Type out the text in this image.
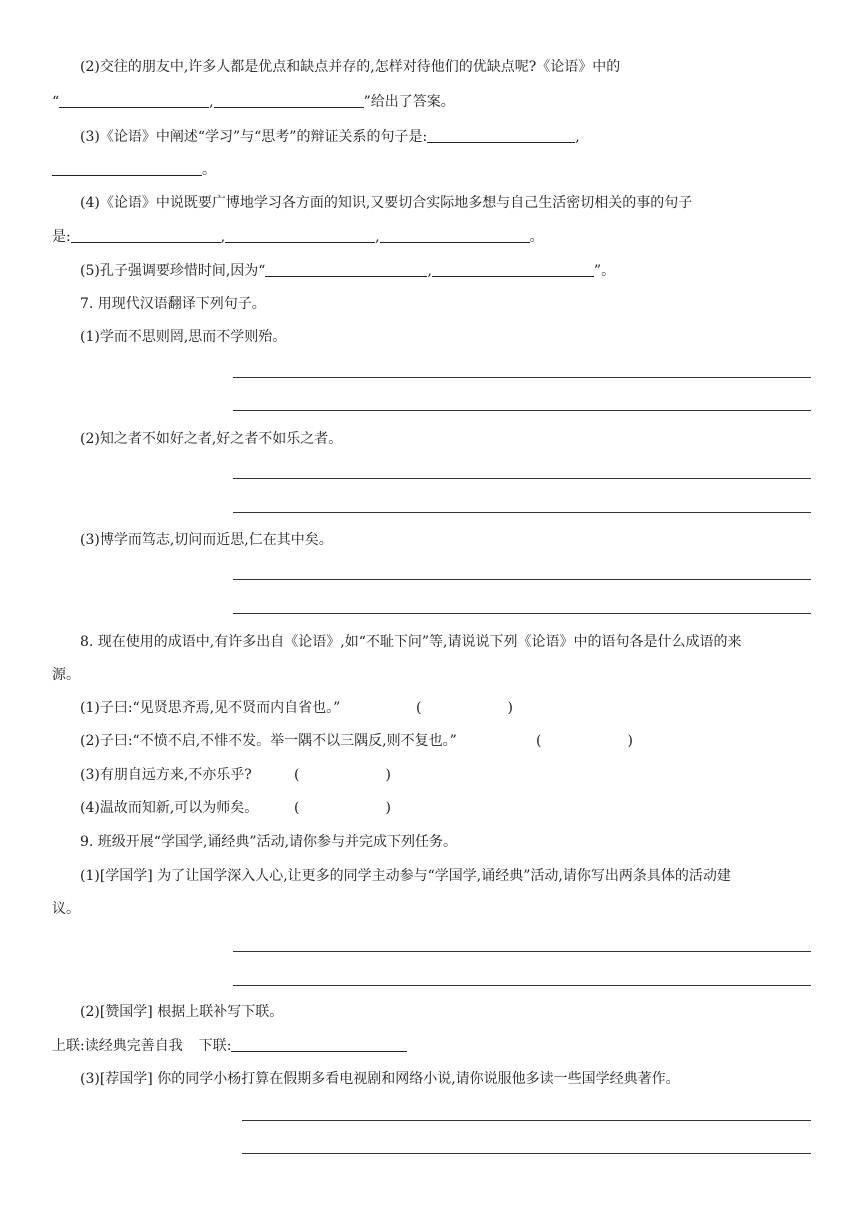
(2)交往的朋友中,许多人都是优点和缺点并存的,怎样对待他们的优缺点呢?《论语》中的
“	,	”给出了答案。
(3)《论语》中阐述“学习”与“思考”的辩证关系的句子是:	,
。
(4)《论语》中说既要广博地学习各方面的知识,又要切合实际地多想与自己生活密切相关的事的句子
是:	,	,	。
(5)孔子强调要珍惜时间,因为“	,	”。
7. 用现代汉语翻译下列句子。
(1)学而不思则罔,思而不学则殆。
(2)知之者不如好之者,好之者不如乐之者。
(3)博学而笃志,切问而近思,仁在其中矣。
8. 现在使用的成语中,有许多出自《论语》,如“不耻下问”等,请说说下列《论语》中的语句各是什么成语的来
源。
(1)子曰:“见贤思齐焉,见不贤而内自省也。”	(	)
(2)子曰:“不愤不启,不悱不发。举一隅不以三隅反,则不复也。”	(	)
(3)有朋自远方来,不亦乐乎?	(	)
(4)温故而知新,可以为师矣。	(	)
9. 班级开展“学国学,诵经典”活动,请你参与并完成下列任务。
(1)[学国学] 为了让国学深入人心,让更多的同学主动参与“学国学,诵经典”活动,请你写出两条具体的活动建
议。
(2)[赞国学] 根据上联补写下联。
上联:读经典完善自我 下联:
(3)[荐国学] 你的同学小杨打算在假期多看电视剧和网络小说,请你说服他多读一些国学经典著作。
